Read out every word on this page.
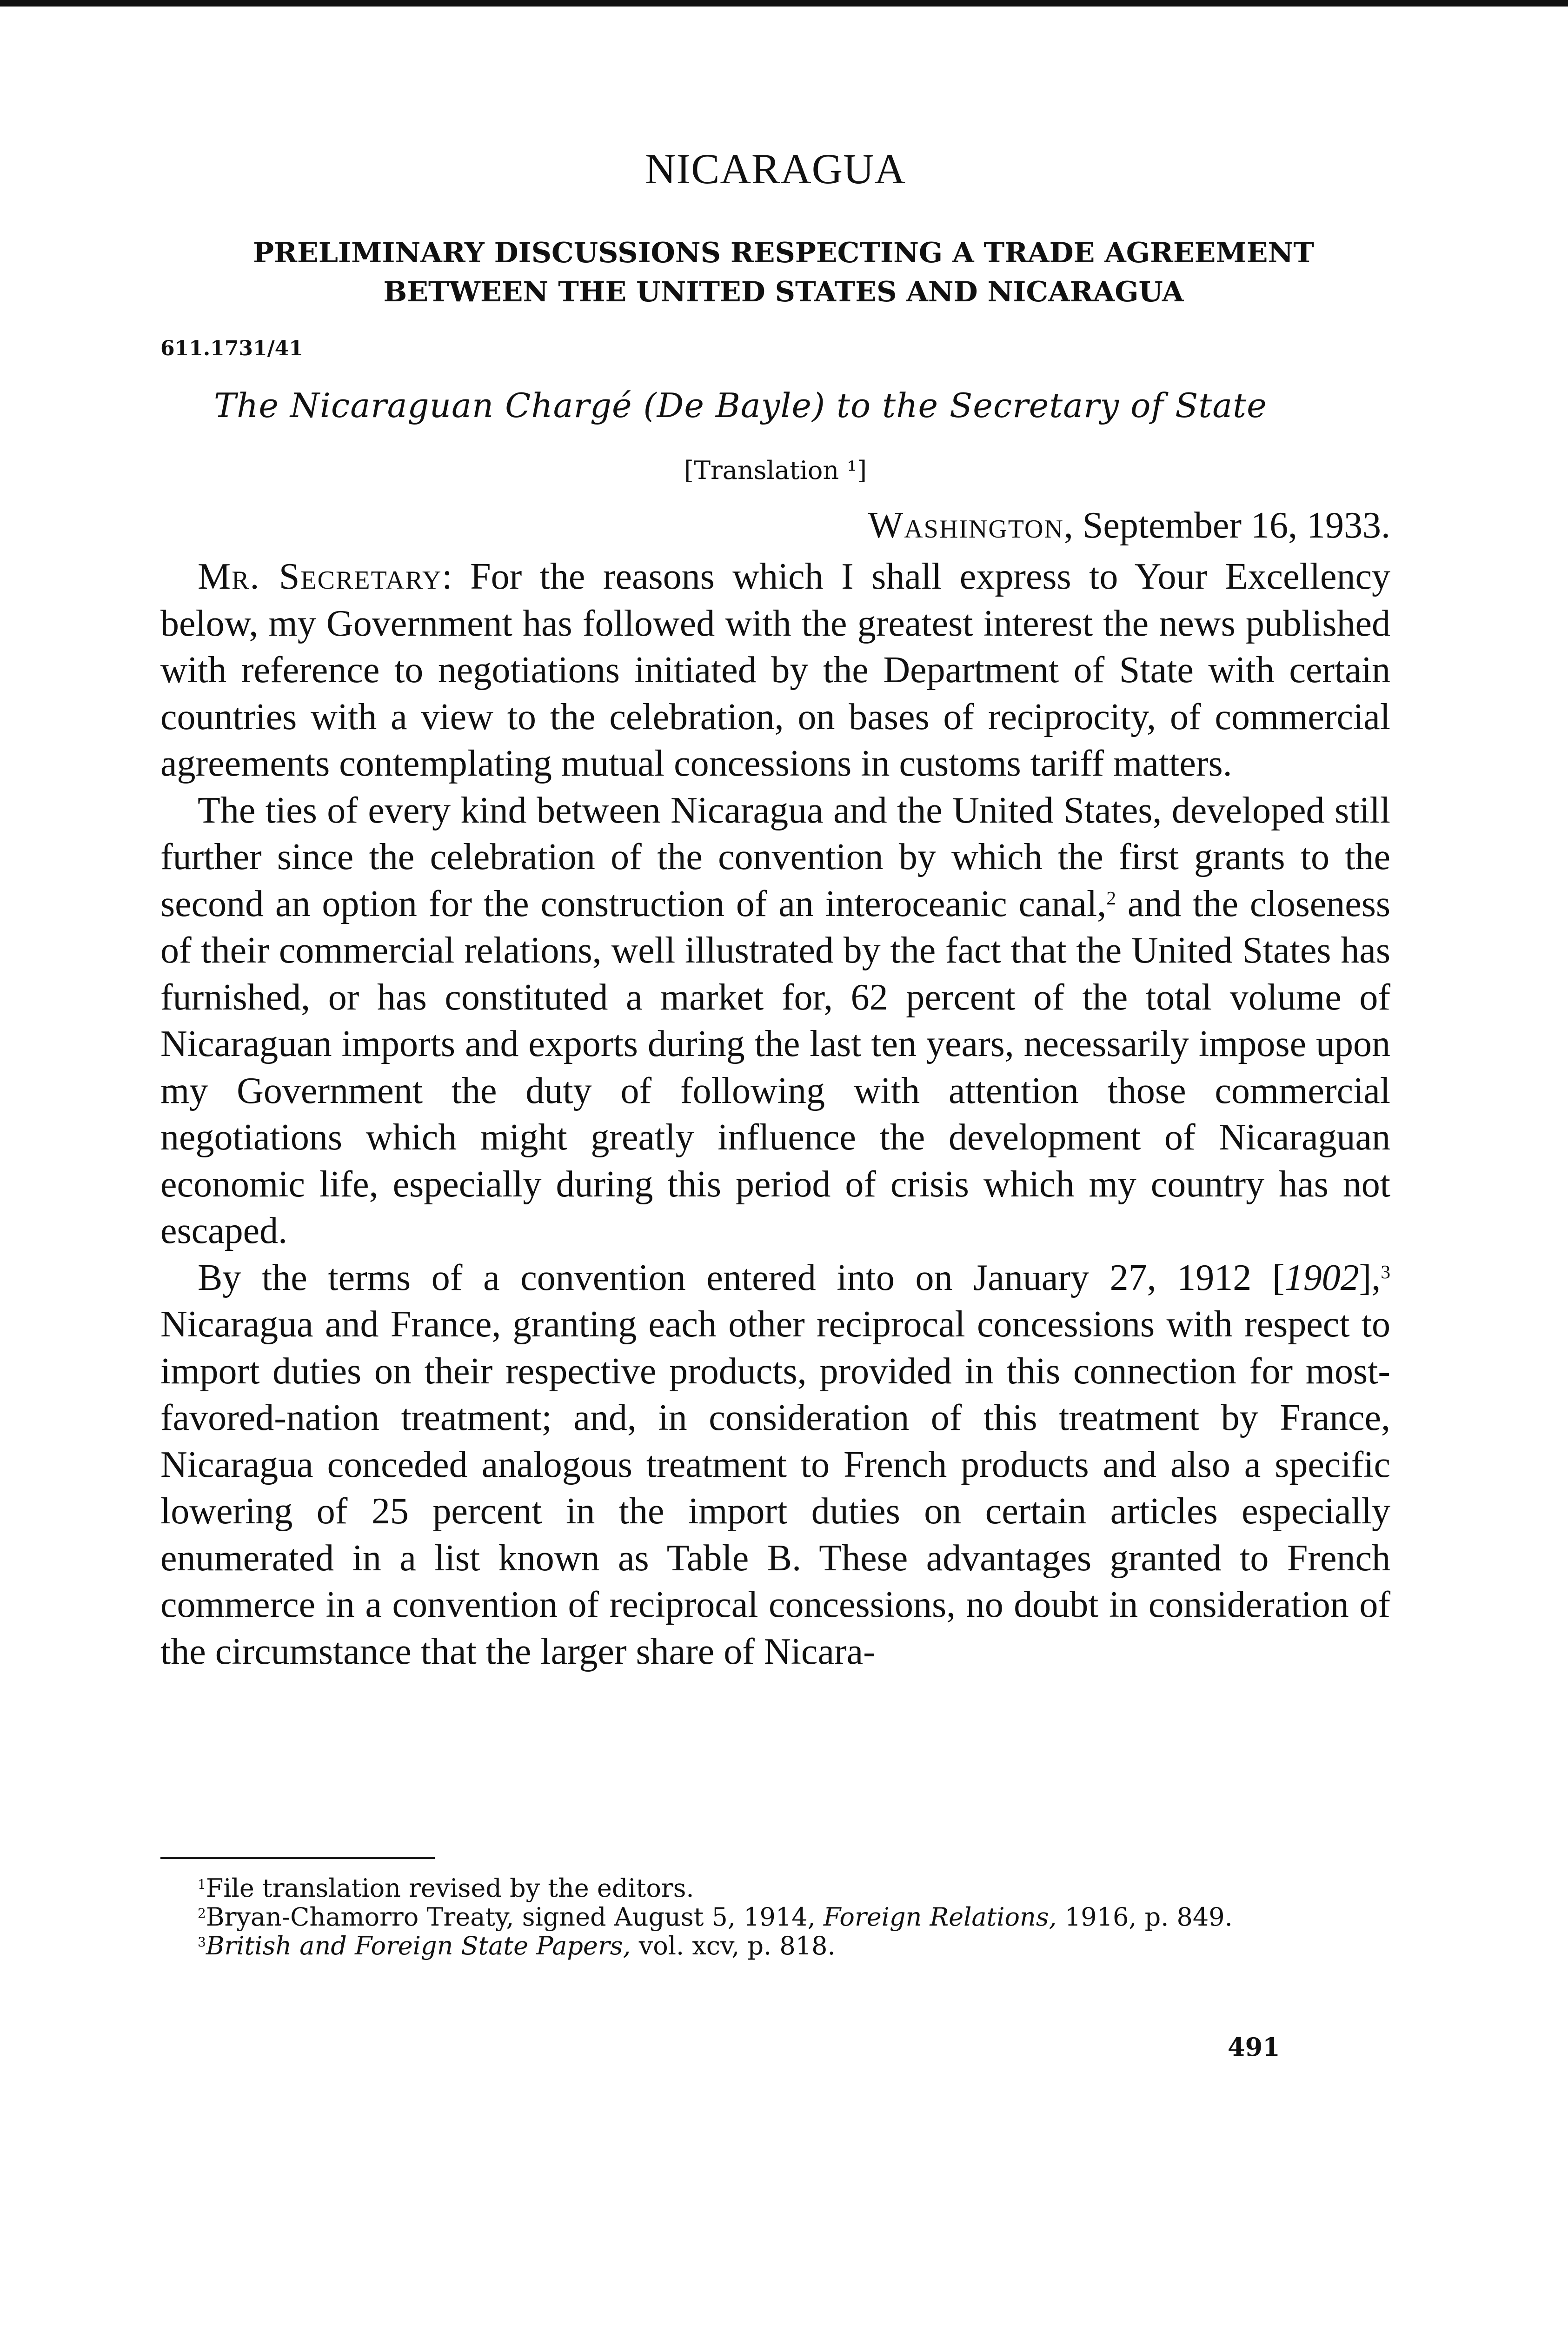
NICARAGUA
PRELIMINARY DISCUSSIONS RESPECTING A TRADE AGREEMENT
BETWEEN THE UNITED STATES AND NICARAGUA
611.1731/41
The Nicaraguan Chargé (De Bayle) to the Secretary of State
[Translation ¹]
Washington, September 16, 1933.

Mr. Secretary: For the reasons which I shall express to Your Excellency below, my Government has followed with the greatest interest the news published with reference to negotiations initiated by the Department of State with certain countries with a view to the celebration, on bases of reciprocity, of commercial agreements contemplating mutual concessions in customs tariff matters.

The ties of every kind between Nicaragua and the United States, developed still further since the celebration of the convention by which the first grants to the second an option for the construction of an interoceanic canal,$^2$ and the closeness of their commercial relations, well illustrated by the fact that the United States has furnished, or has constituted a market for, 62 percent of the total volume of Nicaraguan imports and exports during the last ten years, necessarily impose upon my Government the duty of following with attention those commercial negotiations which might greatly influence the development of Nicaraguan economic life, especially during this period of crisis which my country has not escaped.

By the terms of a convention entered into on January 27, 1912 [1902],$^3$ Nicaragua and France, granting each other reciprocal concessions with respect to import duties on their respective products, provided in this connection for most-favored-nation treatment; and, in consideration of this treatment by France, Nicaragua conceded analogous treatment to French products and also a specific lowering of 25 percent in the import duties on certain articles especially enumerated in a list known as Table B. These advantages granted to French commerce in a convention of reciprocal concessions, no doubt in consideration of the circumstance that the larger share of Nicara-

$^1$File translation revised by the editors.
$^2$Bryan-Chamorro Treaty, signed August 5, 1914, Foreign Relations, 1916, p. 849.
$^3$British and Foreign State Papers, vol. xcv, p. 818.
491
